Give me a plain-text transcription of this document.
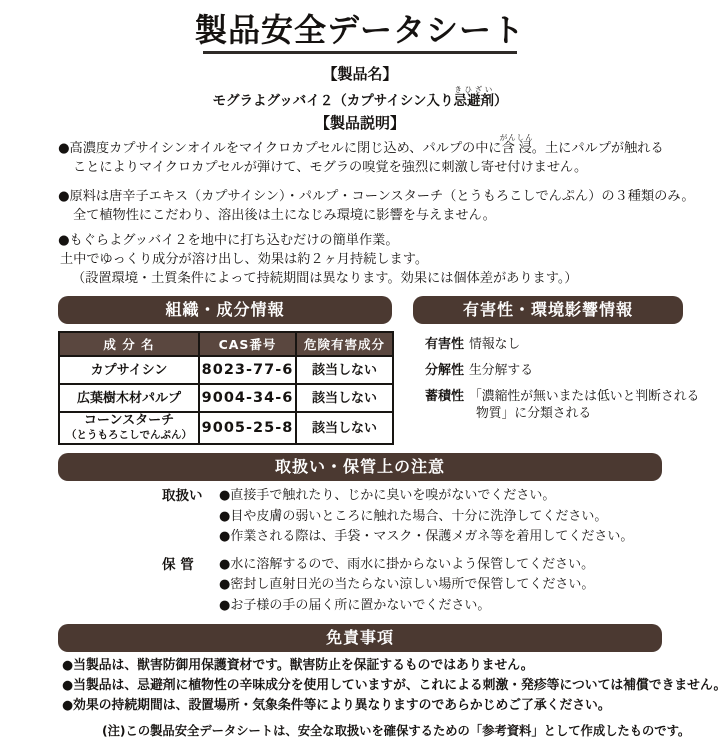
製品安全データシート
【製品名】
モグラよグッバイ２（カプサイシン入り忌避剤きひざい）
【製品説明】
●高濃度カプサイシンオイルをマイクロカプセルに閉じ込め、パルプの中に含浸がんしん。土にパルプが触れる
ことによりマイクロカプセルが弾けて、モグラの嗅覚を強烈に刺激し寄せ付けません。
●原料は唐辛子エキス（カプサイシン）・パルプ・コーンスターチ（とうもろこしでんぷん）の３種類のみ。
全て植物性にこだわり、溶出後は土になじみ環境に影響を与えません。
●もぐらよグッバイ２を地中に打ち込むだけの簡単作業。
土中でゆっくり成分が溶け出し、効果は約２ヶ月持続します。
（設置環境・土質条件によって持続期間は異なります。効果には個体差があります。）
組織・成分情報
成 分 名	CAS番号	危険有害成分
カプサイシン	8023-77-6	該当しない
広葉樹木材パルプ	9004-34-6	該当しない
コーンスターチ
（とうもろこしでんぷん）	9005-25-8	該当しない
有害性・環境影響情報
有害性 情報なし
分解性 生分解する
蓄積性 「濃縮性が無いまたは低いと判断される
物質」に分類される
取扱い・保管上の注意
取扱い	●直接手で触れたり、じかに臭いを嗅がないでください。
●目や皮膚の弱いところに触れた場合、十分に洗浄してください。
●作業される際は、手袋・マスク・保護メガネ等を着用してください。
保 管	●水に溶解するので、雨水に掛からないよう保管してください。
●密封し直射日光の当たらない涼しい場所で保管してください。
●お子様の手の届く所に置かないでください。
免責事項
●当製品は、獣害防御用保護資材です。獣害防止を保証するものではありません。
●当製品は、忌避剤に植物性の辛味成分を使用していますが、これによる刺激・発疹等については補償できません。
●効果の持続期間は、設置場所・気象条件等により異なりますのであらかじめご了承ください。
(注)この製品安全データシートは、安全な取扱いを確保するための「参考資料」として作成したものです。
